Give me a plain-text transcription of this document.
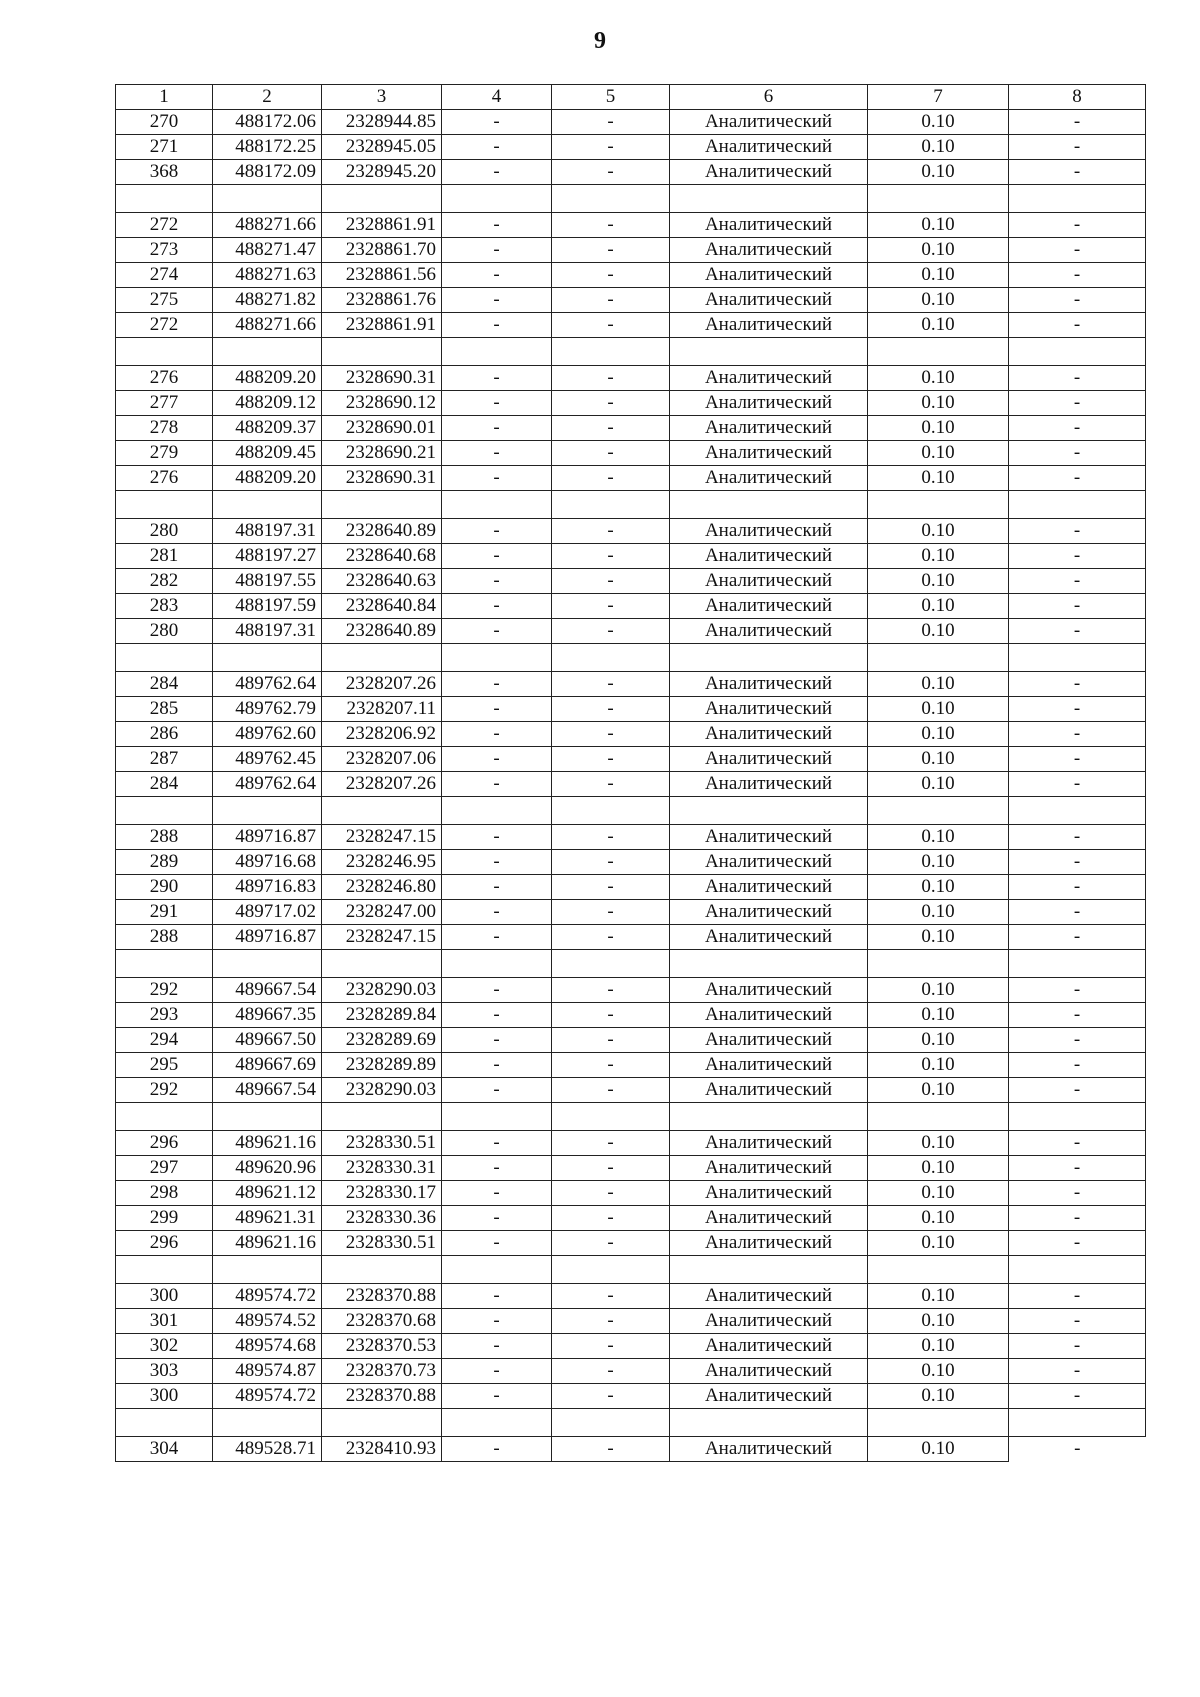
9
1	2	3	4	5	6	7	8
270	488172.06	2328944.85	-	-	Аналитический	0.10	-
271	488172.25	2328945.05	-	-	Аналитический	0.10	-
368	488172.09	2328945.20	-	-	Аналитический	0.10	-

272	488271.66	2328861.91	-	-	Аналитический	0.10	-
273	488271.47	2328861.70	-	-	Аналитический	0.10	-
274	488271.63	2328861.56	-	-	Аналитический	0.10	-
275	488271.82	2328861.76	-	-	Аналитический	0.10	-
272	488271.66	2328861.91	-	-	Аналитический	0.10	-

276	488209.20	2328690.31	-	-	Аналитический	0.10	-
277	488209.12	2328690.12	-	-	Аналитический	0.10	-
278	488209.37	2328690.01	-	-	Аналитический	0.10	-
279	488209.45	2328690.21	-	-	Аналитический	0.10	-
276	488209.20	2328690.31	-	-	Аналитический	0.10	-

280	488197.31	2328640.89	-	-	Аналитический	0.10	-
281	488197.27	2328640.68	-	-	Аналитический	0.10	-
282	488197.55	2328640.63	-	-	Аналитический	0.10	-
283	488197.59	2328640.84	-	-	Аналитический	0.10	-
280	488197.31	2328640.89	-	-	Аналитический	0.10	-

284	489762.64	2328207.26	-	-	Аналитический	0.10	-
285	489762.79	2328207.11	-	-	Аналитический	0.10	-
286	489762.60	2328206.92	-	-	Аналитический	0.10	-
287	489762.45	2328207.06	-	-	Аналитический	0.10	-
284	489762.64	2328207.26	-	-	Аналитический	0.10	-

288	489716.87	2328247.15	-	-	Аналитический	0.10	-
289	489716.68	2328246.95	-	-	Аналитический	0.10	-
290	489716.83	2328246.80	-	-	Аналитический	0.10	-
291	489717.02	2328247.00	-	-	Аналитический	0.10	-
288	489716.87	2328247.15	-	-	Аналитический	0.10	-

292	489667.54	2328290.03	-	-	Аналитический	0.10	-
293	489667.35	2328289.84	-	-	Аналитический	0.10	-
294	489667.50	2328289.69	-	-	Аналитический	0.10	-
295	489667.69	2328289.89	-	-	Аналитический	0.10	-
292	489667.54	2328290.03	-	-	Аналитический	0.10	-

296	489621.16	2328330.51	-	-	Аналитический	0.10	-
297	489620.96	2328330.31	-	-	Аналитический	0.10	-
298	489621.12	2328330.17	-	-	Аналитический	0.10	-
299	489621.31	2328330.36	-	-	Аналитический	0.10	-
296	489621.16	2328330.51	-	-	Аналитический	0.10	-

300	489574.72	2328370.88	-	-	Аналитический	0.10	-
301	489574.52	2328370.68	-	-	Аналитический	0.10	-
302	489574.68	2328370.53	-	-	Аналитический	0.10	-
303	489574.87	2328370.73	-	-	Аналитический	0.10	-
300	489574.72	2328370.88	-	-	Аналитический	0.10	-

304	489528.71	2328410.93	-	-	Аналитический	0.10	-
